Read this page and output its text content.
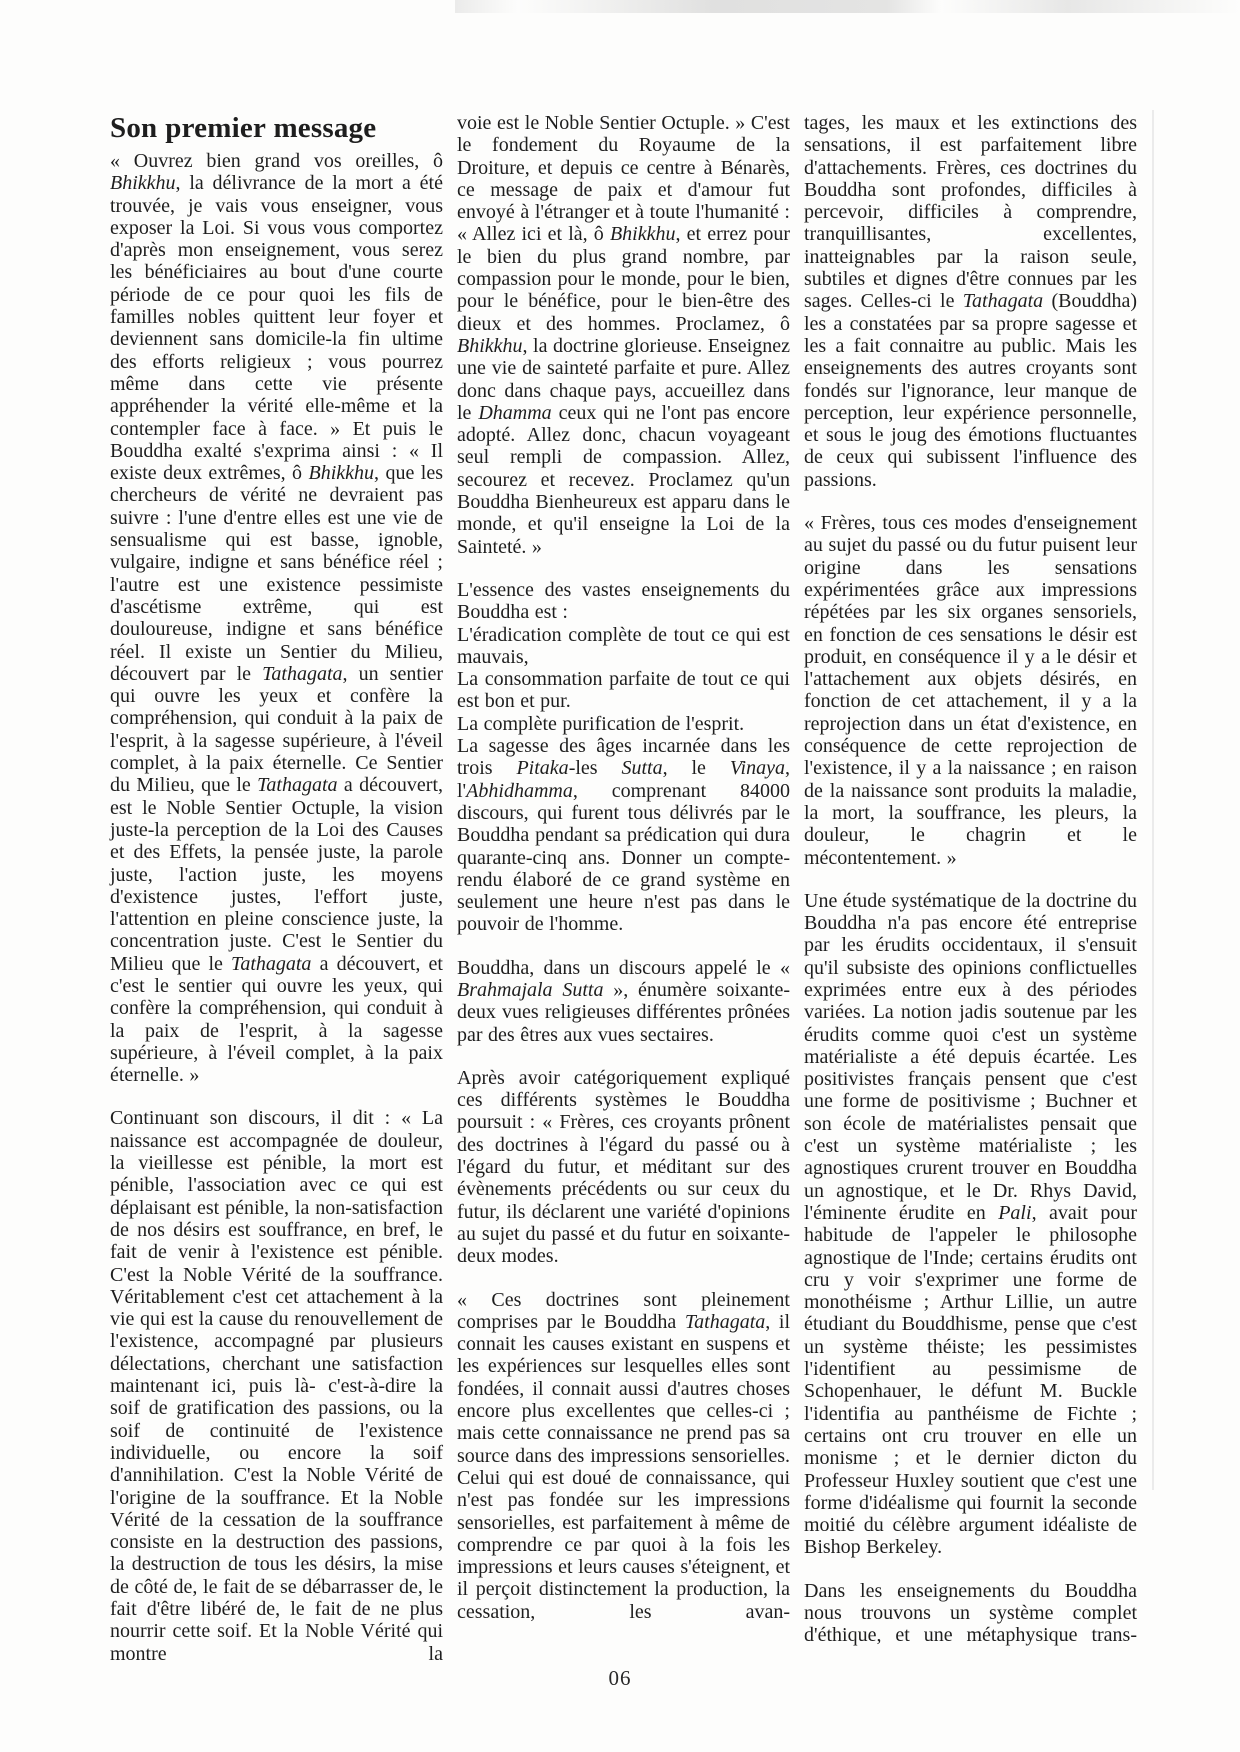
Son premier message

« Ouvrez bien grand vos oreilles, ô Bhikkhu, la délivrance de la mort a été trouvée, je vais vous enseigner, vous exposer la Loi. Si vous vous comportez d'après mon enseignement, vous serez les bénéficiaires au bout d'une courte période de ce pour quoi les fils de familles nobles quittent leur foyer et deviennent sans domicile-la fin ultime des efforts religieux ; vous pourrez même dans cette vie présente appréhender la vérité elle-même et la contempler face à face. » Et puis le Bouddha exalté s'exprima ainsi : « Il existe deux extrêmes, ô Bhikkhu, que les chercheurs de vérité ne devraient pas suivre : l'une d'entre elles est une vie de sensualisme qui est basse, ignoble, vulgaire, indigne et sans bénéfice réel ; l'autre est une existence pessimiste d'ascétisme extrême, qui est douloureuse, indigne et sans bénéfice réel. Il existe un Sentier du Milieu, découvert par le Tathagata, un sentier qui ouvre les yeux et confère la compréhension, qui conduit à la paix de l'esprit, à la sagesse supérieure, à l'éveil complet, à la paix éternelle. Ce Sentier du Milieu, que le Tathagata a découvert, est le Noble Sentier Octuple, la vision juste-la perception de la Loi des Causes et des Effets, la pensée juste, la parole juste, l'action juste, les moyens d'existence justes, l'effort juste, l'attention en pleine conscience juste, la concentration juste. C'est le Sentier du Milieu que le Tathagata a découvert, et c'est le sentier qui ouvre les yeux, qui confère la compréhension, qui conduit à la paix de l'esprit, à la sagesse supérieure, à l'éveil complet, à la paix éternelle. »

Continuant son discours, il dit : « La naissance est accompagnée de douleur, la vieillesse est pénible, la mort est pénible, l'association avec ce qui est déplaisant est pénible, la non-satisfaction de nos désirs est souffrance, en bref, le fait de venir à l'existence est pénible. C'est la Noble Vérité de la souffrance. Véritablement c'est cet attachement à la vie qui est la cause du renouvellement de l'existence, accompagné par plusieurs délectations, cherchant une satisfaction maintenant ici, puis là- c'est-à-dire la soif de gratification des passions, ou la soif de continuité de l'existence individuelle, ou encore la soif d'annihilation. C'est la Noble Vérité de l'origine de la souffrance. Et la Noble Vérité de la cessation de la souffrance consiste en la destruction des passions, la destruction de tous les désirs, la mise de côté de, le fait de se débarrasser de, le fait d'être libéré de, le fait de ne plus nourrir cette soif. Et la Noble Vérité qui montre la

voie est le Noble Sentier Octuple. » C'est le fondement du Royaume de la Droiture, et depuis ce centre à Bénarès, ce message de paix et d'amour fut envoyé à l'étranger et à toute l'humanité : « Allez ici et là, ô Bhikkhu, et errez pour le bien du plus grand nombre, par compassion pour le monde, pour le bien, pour le bénéfice, pour le bien-être des dieux et des hommes. Proclamez, ô Bhikkhu, la doctrine glorieuse. Enseignez une vie de sainteté parfaite et pure. Allez donc dans chaque pays, accueillez dans le Dhamma ceux qui ne l'ont pas encore adopté. Allez donc, chacun voyageant seul rempli de compassion. Allez, secourez et recevez. Proclamez qu'un Bouddha Bienheureux est apparu dans le monde, et qu'il enseigne la Loi de la Sainteté. »

L'essence des vastes enseignements du Bouddha est :

L'éradication complète de tout ce qui est mauvais,

La consommation parfaite de tout ce qui est bon et pur.

La complète purification de l'esprit.

La sagesse des âges incarnée dans les trois Pitaka-les Sutta, le Vinaya, l'Abhidhamma, comprenant 84000 discours, qui furent tous délivrés par le Bouddha pendant sa prédication qui dura quarante-cinq ans. Donner un compte-rendu élaboré de ce grand système en seulement une heure n'est pas dans le pouvoir de l'homme.

Bouddha, dans un discours appelé le « Brahmajala Sutta », énumère soixante-deux vues religieuses différentes prônées par des êtres aux vues sectaires.

Après avoir catégoriquement expliqué ces différents systèmes le Bouddha poursuit : « Frères, ces croyants prônent des doctrines à l'égard du passé ou à l'égard du futur, et méditant sur des évènements précédents ou sur ceux du futur, ils déclarent une variété d'opinions au sujet du passé et du futur en soixante-deux modes.

« Ces doctrines sont pleinement comprises par le Bouddha Tathagata, il connait les causes existant en suspens et les expériences sur lesquelles elles sont fondées, il connait aussi d'autres choses encore plus excellentes que celles-ci ; mais cette connaissance ne prend pas sa source dans des impressions sensorielles. Celui qui est doué de connaissance, qui n'est pas fondée sur les impressions sensorielles, est parfaitement à même de comprendre ce par quoi à la fois les impressions et leurs causes s'éteignent, et il perçoit distinctement la production, la cessation, les avan-

tages, les maux et les extinctions des sensations, il est parfaitement libre d'attachements. Frères, ces doctrines du Bouddha sont profondes, difficiles à percevoir, difficiles à comprendre, tranquillisantes, excellentes, inatteignables par la raison seule, subtiles et dignes d'être connues par les sages. Celles-ci le Tathagata (Bouddha) les a constatées par sa propre sagesse et les a fait connaitre au public. Mais les enseignements des autres croyants sont fondés sur l'ignorance, leur manque de perception, leur expérience personnelle, et sous le joug des émotions fluctuantes de ceux qui subissent l'influence des passions.

« Frères, tous ces modes d'enseignement au sujet du passé ou du futur puisent leur origine dans les sensations expérimentées grâce aux impressions répétées par les six organes sensoriels, en fonction de ces sensations le désir est produit, en conséquence il y a le désir et l'attachement aux objets désirés, en fonction de cet attachement, il y a la reprojection dans un état d'existence, en conséquence de cette reprojection de l'existence, il y a la naissance ; en raison de la naissance sont produits la maladie, la mort, la souffrance, les pleurs, la douleur, le chagrin et le mécontentement. »

Une étude systématique de la doctrine du Bouddha n'a pas encore été entreprise par les érudits occidentaux, il s'ensuit qu'il subsiste des opinions conflictuelles exprimées entre eux à des périodes variées. La notion jadis soutenue par les érudits comme quoi c'est un système matérialiste a été depuis écartée. Les positivistes français pensent que c'est une forme de positivisme ; Buchner et son école de matérialistes pensait que c'est un système matérialiste ; les agnostiques crurent trouver en Bouddha un agnostique, et le Dr. Rhys David, l'éminente érudite en Pali, avait pour habitude de l'appeler le philosophe agnostique de l'Inde; certains érudits ont cru y voir s'exprimer une forme de monothéisme ; Arthur Lillie, un autre étudiant du Bouddhisme, pense que c'est un système théiste; les pessimistes l'identifient au pessimisme de Schopenhauer, le défunt M. Buckle l'identifia au panthéisme de Fichte ; certains ont cru trouver en elle un monisme ; et le dernier dicton du Professeur Huxley soutient que c'est une forme d'idéalisme qui fournit la seconde moitié du célèbre argument idéaliste de Bishop Berkeley.

Dans les enseignements du Bouddha nous trouvons un système complet d'éthique, et une métaphysique trans-

06
